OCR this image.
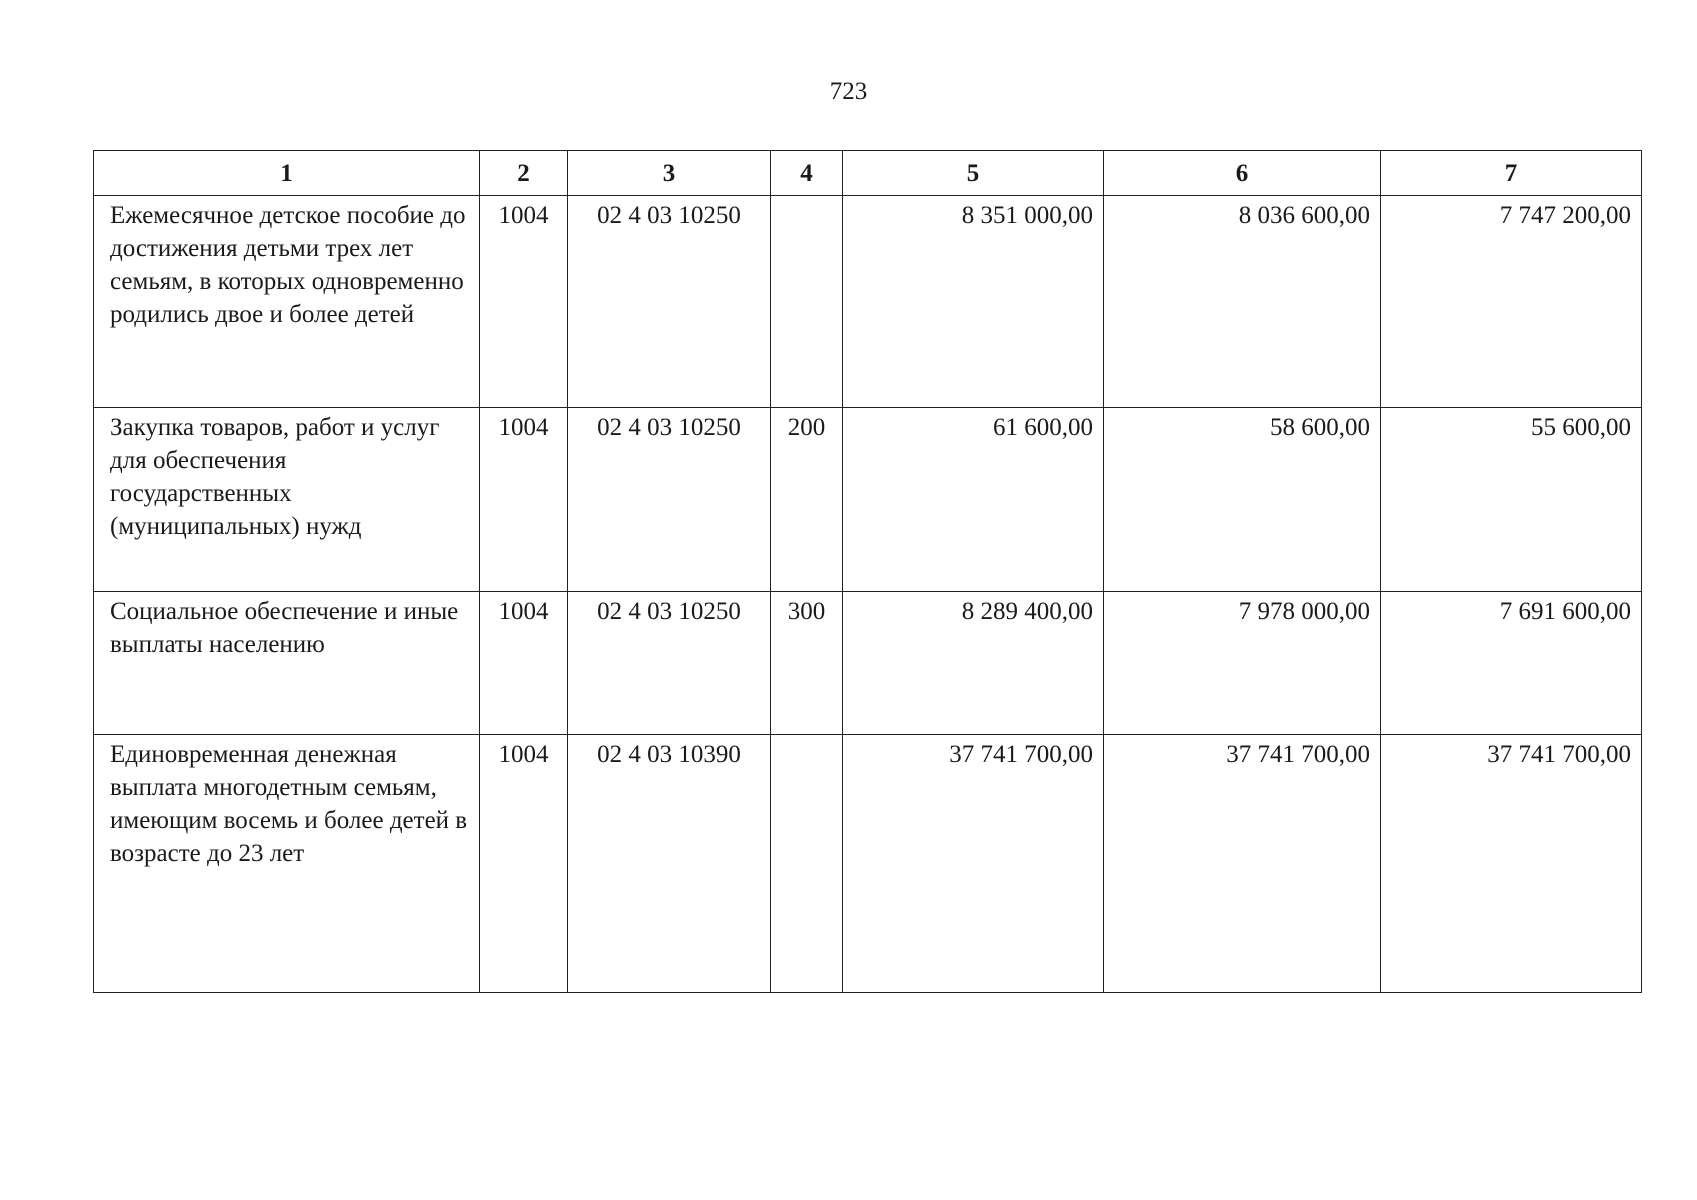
723
1	2	3	4	5	6	7
Ежемесячное детское пособие до достижения детьми трех лет семьям, в которых одновременно родились двое и более детей	1004	02 4 03 10250		8 351 000,00	8 036 600,00	7 747 200,00
Закупка товаров, работ и услуг для обеспечения государственных (муниципальных) нужд	1004	02 4 03 10250	200	61 600,00	58 600,00	55 600,00
Социальное обеспечение и иные выплаты населению	1004	02 4 03 10250	300	8 289 400,00	7 978 000,00	7 691 600,00
Единовременная денежная выплата многодетным семьям, имеющим восемь и более детей в возрасте до 23 лет	1004	02 4 03 10390		37 741 700,00	37 741 700,00	37 741 700,00
